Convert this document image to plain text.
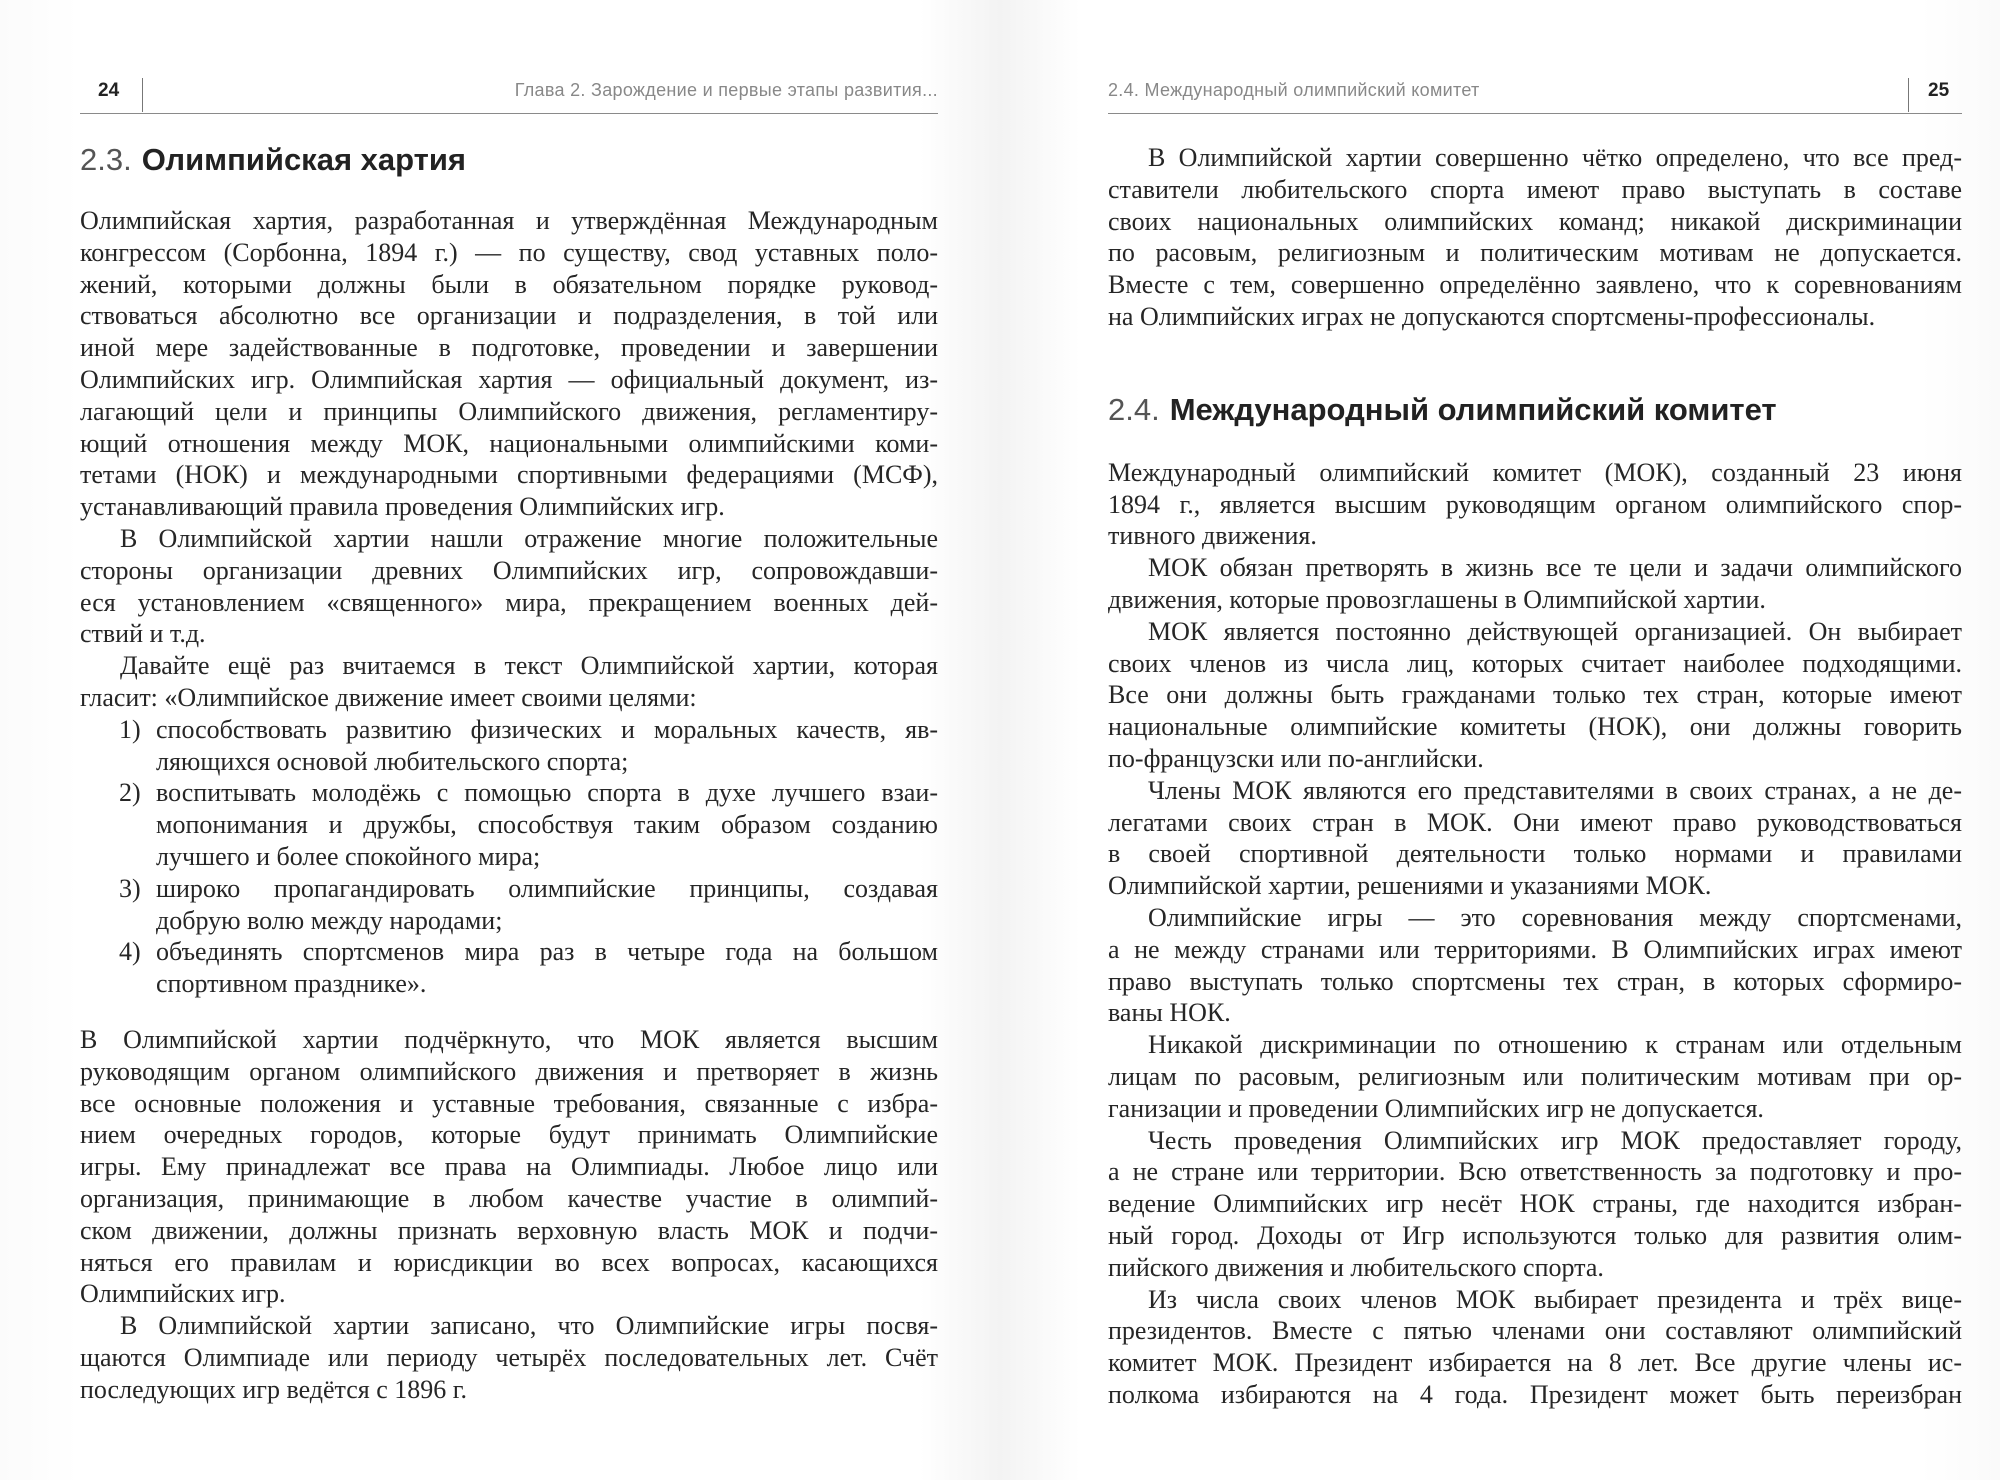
24	Глава 2. Зарождение и первые этапы развития...	2.4. Международный олимпийский комитет	25
2.3. Олимпийская хартия
Олимпийская хартия, разработанная и утверждённая Международным
конгрессом (Сорбонна, 1894 г.) — по существу, свод уставных поло-
жений, которыми должны были в обязательном порядке руковод-
ствоваться абсолютно все организации и подразделения, в той или
иной мере задействованные в подготовке, проведении и завершении
Олимпийских игр. Олимпийская хартия — официальный документ, из-
лагающий цели и принципы Олимпийского движения, регламентиру-
ющий отношения между МОК, национальными олимпийскими коми-
тетами (НОК) и международными спортивными федерациями (МСФ),
устанавливающий правила проведения Олимпийских игр.
В Олимпийской хартии нашли отражение многие положительные
стороны организации древних Олимпийских игр, сопровождавши-
еся установлением «священного» мира, прекращением военных дей-
ствий и т.д.
Давайте ещё раз вчитаемся в текст Олимпийской хартии, которая
гласит: «Олимпийское движение имеет своими целями:
1) способствовать развитию физических и моральных качеств, яв-
ляющихся основой любительского спорта;
2) воспитывать молодёжь с помощью спорта в духе лучшего взаи-
мопонимания и дружбы, способствуя таким образом созданию
лучшего и более спокойного мира;
3) широко пропагандировать олимпийские принципы, создавая
добрую волю между народами;
4) объединять спортсменов мира раз в четыре года на большом
спортивном празднике».
В Олимпийской хартии подчёркнуто, что МОК является высшим
руководящим органом олимпийского движения и претворяет в жизнь
все основные положения и уставные требования, связанные с избра-
нием очередных городов, которые будут принимать Олимпийские
игры. Ему принадлежат все права на Олимпиады. Любое лицо или
организация, принимающие в любом качестве участие в олимпий-
ском движении, должны признать верховную власть МОК и подчи-
няться его правилам и юрисдикции во всех вопросах, касающихся
Олимпийских игр.
В Олимпийской хартии записано, что Олимпийские игры посвя-
щаются Олимпиаде или периоду четырёх последовательных лет. Счёт
последующих игр ведётся с 1896 г.
В Олимпийской хартии совершенно чётко определено, что все пред-
ставители любительского спорта имеют право выступать в составе
своих национальных олимпийских команд; никакой дискриминации
по расовым, религиозным и политическим мотивам не допускается.
Вместе с тем, совершенно определённо заявлено, что к соревнованиям
на Олимпийских играх не допускаются спортсмены-профессионалы.
2.4. Международный олимпийский комитет
Международный олимпийский комитет (МОК), созданный 23 июня
1894 г., является высшим руководящим органом олимпийского спор-
тивного движения.
МОК обязан претворять в жизнь все те цели и задачи олимпийского
движения, которые провозглашены в Олимпийской хартии.
МОК является постоянно действующей организацией. Он выбирает
своих членов из числа лиц, которых считает наиболее подходящими.
Все они должны быть гражданами только тех стран, которые имеют
национальные олимпийские комитеты (НОК), они должны говорить
по-французски или по-английски.
Члены МОК являются его представителями в своих странах, а не де-
легатами своих стран в МОК. Они имеют право руководствоваться
в своей спортивной деятельности только нормами и правилами
Олимпийской хартии, решениями и указаниями МОК.
Олимпийские игры — это соревнования между спортсменами,
а не между странами или территориями. В Олимпийских играх имеют
право выступать только спортсмены тех стран, в которых сформиро-
ваны НОК.
Никакой дискриминации по отношению к странам или отдельным
лицам по расовым, религиозным или политическим мотивам при ор-
ганизации и проведении Олимпийских игр не допускается.
Честь проведения Олимпийских игр МОК предоставляет городу,
а не стране или территории. Всю ответственность за подготовку и про-
ведение Олимпийских игр несёт НОК страны, где находится избран-
ный город. Доходы от Игр используются только для развития олим-
пийского движения и любительского спорта.
Из числа своих членов МОК выбирает президента и трёх вице-
президентов. Вместе с пятью членами они составляют олимпийский
комитет МОК. Президент избирается на 8 лет. Все другие члены ис-
полкома избираются на 4 года. Президент может быть переизбран
